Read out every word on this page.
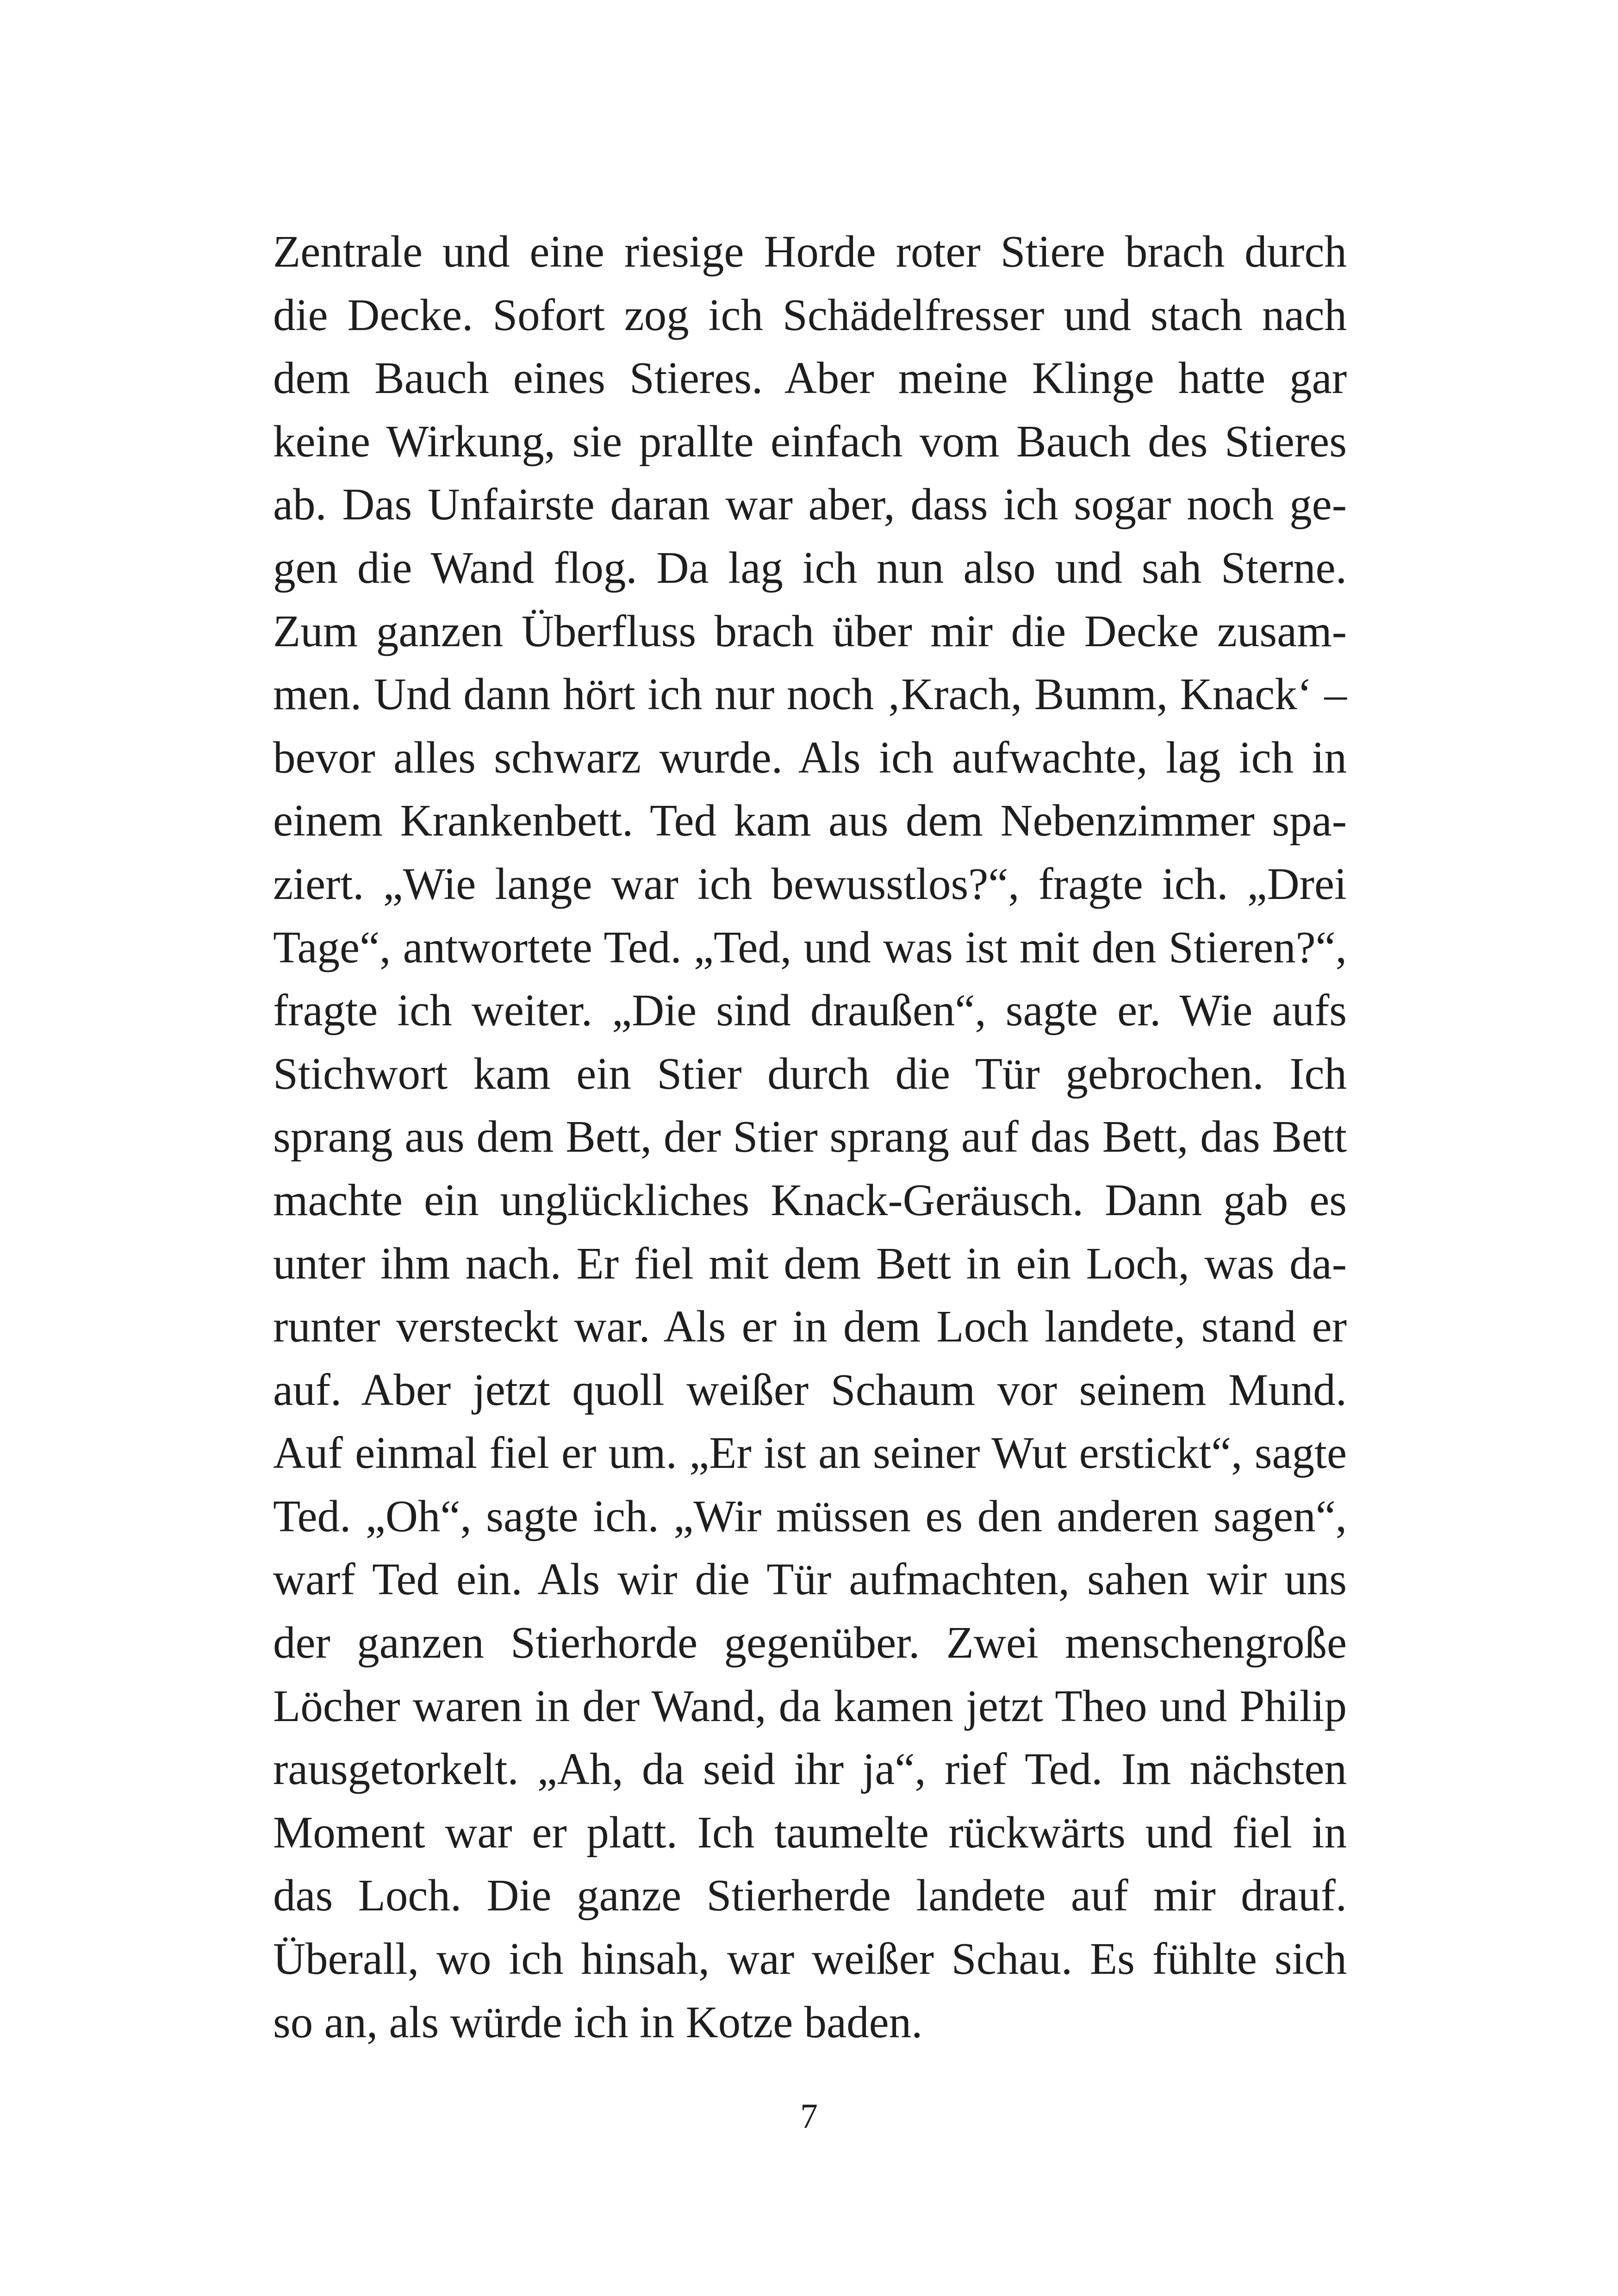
Zentrale und eine riesige Horde roter Stiere brach durch
die Decke. Sofort zog ich Schädelfresser und stach nach
dem Bauch eines Stieres. Aber meine Klinge hatte gar
keine Wirkung, sie prallte einfach vom Bauch des Stieres
ab. Das Unfairste daran war aber, dass ich sogar noch ge-
gen die Wand flog. Da lag ich nun also und sah Sterne.
Zum ganzen Überfluss brach über mir die Decke zusam-
men. Und dann hört ich nur noch ‚Krach, Bumm, Knack‘ –
bevor alles schwarz wurde. Als ich aufwachte, lag ich in
einem Krankenbett. Ted kam aus dem Nebenzimmer spa-
ziert. „Wie lange war ich bewusstlos?“, fragte ich. „Drei
Tage“, antwortete Ted. „Ted, und was ist mit den Stieren?“,
fragte ich weiter. „Die sind draußen“, sagte er. Wie aufs
Stichwort kam ein Stier durch die Tür gebrochen. Ich
sprang aus dem Bett, der Stier sprang auf das Bett, das Bett
machte ein unglückliches Knack-Geräusch. Dann gab es
unter ihm nach. Er fiel mit dem Bett in ein Loch, was da-
runter versteckt war. Als er in dem Loch landete, stand er
auf. Aber jetzt quoll weißer Schaum vor seinem Mund.
Auf einmal fiel er um. „Er ist an seiner Wut erstickt“, sagte
Ted. „Oh“, sagte ich. „Wir müssen es den anderen sagen“,
warf Ted ein. Als wir die Tür aufmachten, sahen wir uns
der ganzen Stierhorde gegenüber. Zwei menschengroße
Löcher waren in der Wand, da kamen jetzt Theo und Philip
rausgetorkelt. „Ah, da seid ihr ja“, rief Ted. Im nächsten
Moment war er platt. Ich taumelte rückwärts und fiel in
das Loch. Die ganze Stierherde landete auf mir drauf.
Überall, wo ich hinsah, war weißer Schau. Es fühlte sich
so an, als würde ich in Kotze baden.
7
